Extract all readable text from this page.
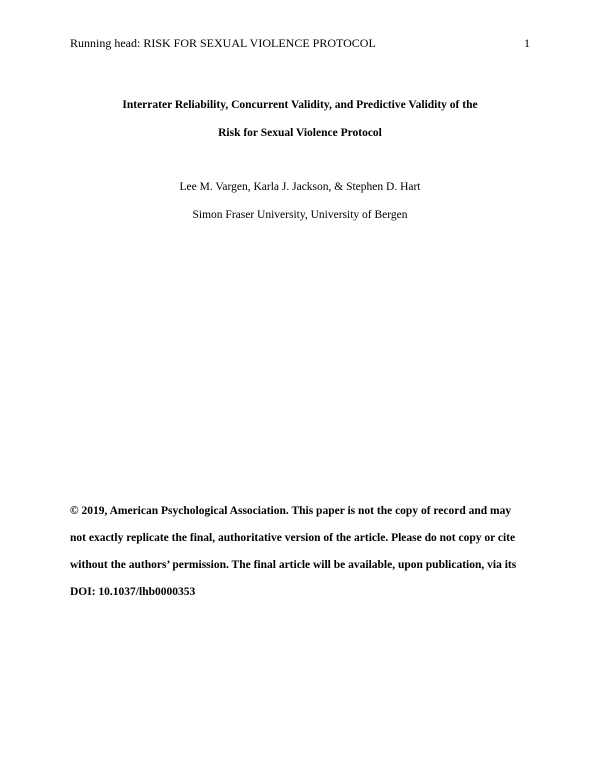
Running head: RISK FOR SEXUAL VIOLENCE PROTOCOL	1
Interrater Reliability, Concurrent Validity, and Predictive Validity of the
Risk for Sexual Violence Protocol
Lee M. Vargen, Karla J. Jackson, & Stephen D. Hart
Simon Fraser University, University of Bergen
© 2019, American Psychological Association. This paper is not the copy of record and may
not exactly replicate the final, authoritative version of the article. Please do not copy or cite
without the authors’ permission. The final article will be available, upon publication, via its
DOI: 10.1037/lhb0000353
